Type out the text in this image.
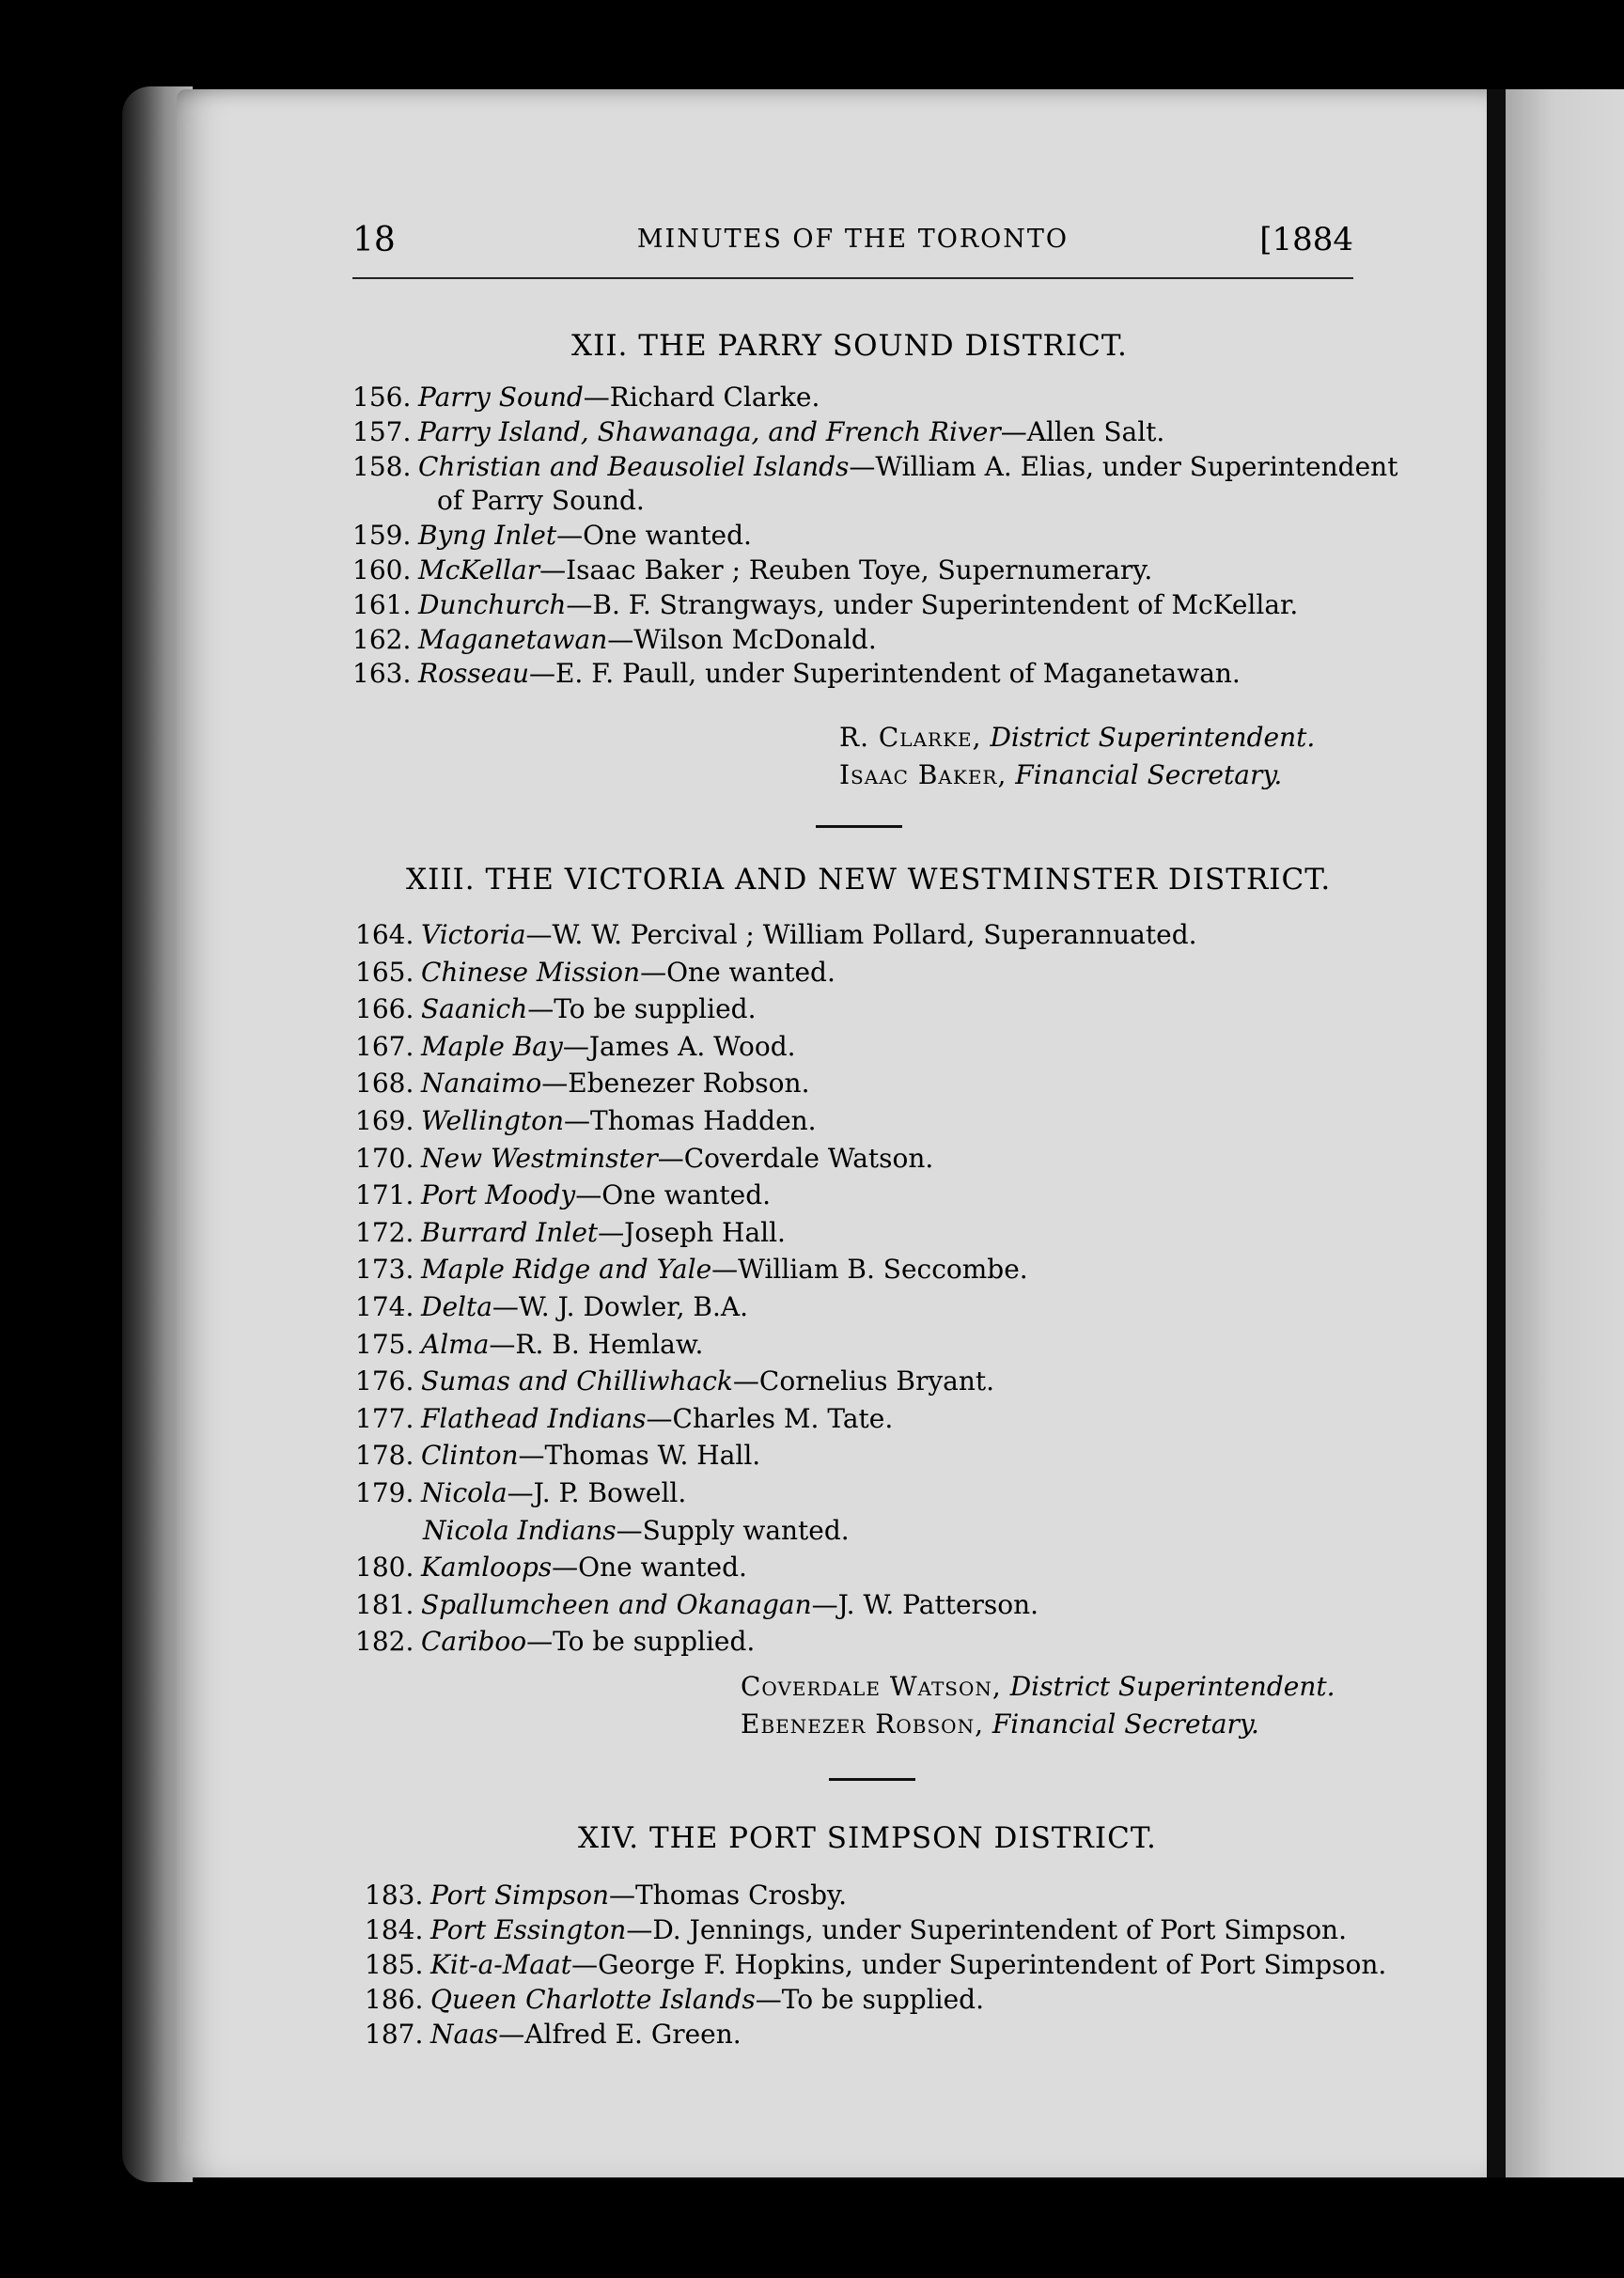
18	MINUTES OF THE TORONTO	[1884
XII. THE PARRY SOUND DISTRICT.
156. Parry Sound—Richard Clarke.
157. Parry Island, Shawanaga, and French River—Allen Salt.
158. Christian and Beausoliel Islands—William A. Elias, under Superintendent
of Parry Sound.
159. Byng Inlet—One wanted.
160. McKellar—Isaac Baker ; Reuben Toye, Supernumerary.
161. Dunchurch—B. F. Strangways, under Superintendent of McKellar.
162. Maganetawan—Wilson McDonald.
163. Rosseau—E. F. Paull, under Superintendent of Maganetawan.
R. Clarke, District Superintendent.
Isaac Baker, Financial Secretary.
XIII. THE VICTORIA AND NEW WESTMINSTER DISTRICT.
164. Victoria—W. W. Percival ; William Pollard, Superannuated.
165. Chinese Mission—One wanted.
166. Saanich—To be supplied.
167. Maple Bay—James A. Wood.
168. Nanaimo—Ebenezer Robson.
169. Wellington—Thomas Hadden.
170. New Westminster—Coverdale Watson.
171. Port Moody—One wanted.
172. Burrard Inlet—Joseph Hall.
173. Maple Ridge and Yale—William B. Seccombe.
174. Delta—W. J. Dowler, B.A.
175. Alma—R. B. Hemlaw.
176. Sumas and Chilliwhack—Cornelius Bryant.
177. Flathead Indians—Charles M. Tate.
178. Clinton—Thomas W. Hall.
179. Nicola—J. P. Bowell.
Nicola Indians—Supply wanted.
180. Kamloops—One wanted.
181. Spallumcheen and Okanagan—J. W. Patterson.
182. Cariboo—To be supplied.
Coverdale Watson, District Superintendent.
Ebenezer Robson, Financial Secretary.
XIV. THE PORT SIMPSON DISTRICT.
183. Port Simpson—Thomas Crosby.
184. Port Essington—D. Jennings, under Superintendent of Port Simpson.
185. Kit-a-Maat—George F. Hopkins, under Superintendent of Port Simpson.
186. Queen Charlotte Islands—To be supplied.
187. Naas—Alfred E. Green.
